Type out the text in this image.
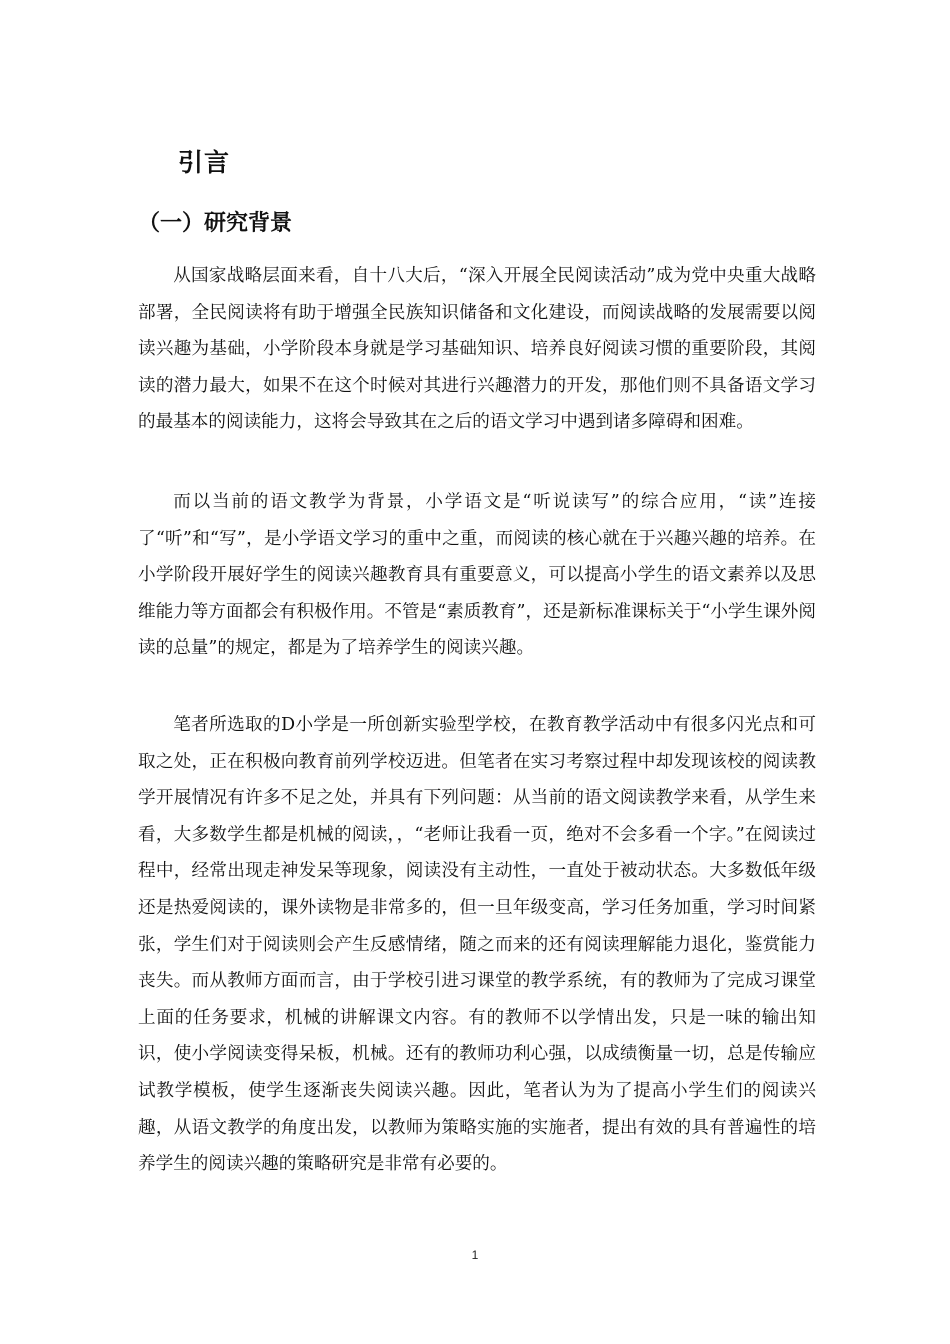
引言
（一）研究背景

从国家战略层面来看，自十八大后，“深入开展全民阅读活动”成为党中央重大战略部署，全民阅读将有助于增强全民族知识储备和文化建设，而阅读战略的发展需要以阅读兴趣为基础，小学阶段本身就是学习基础知识、培养良好阅读习惯的重要阶段，其阅读的潜力最大，如果不在这个时候对其进行兴趣潜力的开发，那他们则不具备语文学习的最基本的阅读能力，这将会导致其在之后的语文学习中遇到诸多障碍和困难。

而以当前的语文教学为背景，小学语文是“听说读写”的综合应用，“读”连接了“听”和“写”，是小学语文学习的重中之重，而阅读的核心就在于兴趣兴趣的培养。在小学阶段开展好学生的阅读兴趣教育具有重要意义，可以提高小学生的语文素养以及思维能力等方面都会有积极作用。不管是“素质教育”，还是新标准课标关于“小学生课外阅读的总量”的规定，都是为了培养学生的阅读兴趣。

笔者所选取的D小学是一所创新实验型学校，在教育教学活动中有很多闪光点和可取之处，正在积极向教育前列学校迈进。但笔者在实习考察过程中却发现该校的阅读教学开展情况有许多不足之处，并具有下列问题：从当前的语文阅读教学来看，从学生来看，大多数学生都是机械的阅读，，“老师让我看一页，绝对不会多看一个字。”在阅读过程中，经常出现走神发呆等现象，阅读没有主动性，一直处于被动状态。大多数低年级还是热爱阅读的，课外读物是非常多的，但一旦年级变高，学习任务加重，学习时间紧张，学生们对于阅读则会产生反感情绪，随之而来的还有阅读理解能力退化，鉴赏能力丧失。而从教师方面而言，由于学校引进习课堂的教学系统，有的教师为了完成习课堂上面的任务要求，机械的讲解课文内容。有的教师不以学情出发，只是一味的输出知识，使小学阅读变得呆板，机械。还有的教师功利心强，以成绩衡量一切，总是传输应试教学模板，使学生逐渐丧失阅读兴趣。因此，笔者认为为了提高小学生们的阅读兴趣，从语文教学的角度出发，以教师为策略实施的实施者，提出有效的具有普遍性的培养学生的阅读兴趣的策略研究是非常有必要的。

1
